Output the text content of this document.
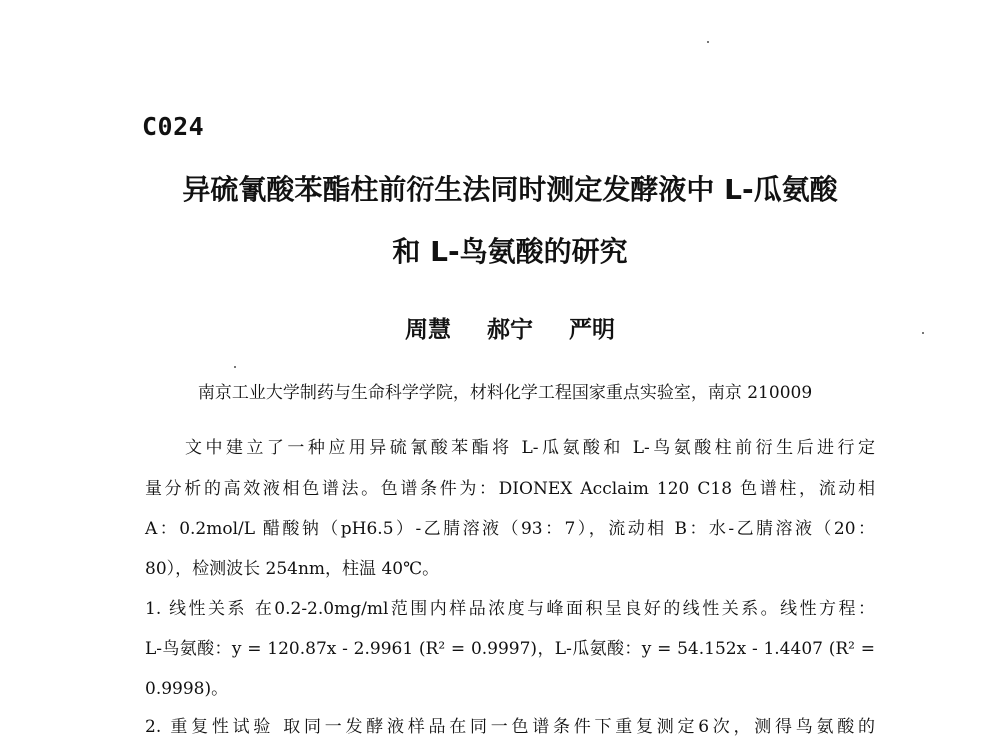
C024
异硫氰酸苯酯柱前衍生法同时测定发酵液中 L-瓜氨酸
和 L-鸟氨酸的研究
周慧 郝宁 严明
南京工业大学制药与生命科学学院，材料化学工程国家重点实验室，南京 210009
文中建立了一种应用异硫氰酸苯酯将 L-瓜氨酸和 L-鸟氨酸柱前衍生后进行定
量分析的高效液相色谱法。色谱条件为：DIONEX Acclaim 120 C18 色谱柱，流动相
A：0.2mol/L 醋酸钠（pH6.5）-乙腈溶液（93：7），流动相 B：水-乙腈溶液（20：
80），检测波长 254nm，柱温 40℃。
1. 线性关系 在0.2-2.0mg/ml范围内样品浓度与峰面积呈良好的线性关系。线性方程：
L-鸟氨酸：y = 120.87x - 2.9961 (R² = 0.9997)，L-瓜氨酸：y = 54.152x - 1.4407 (R² =
0.9998)。
2. 重复性试验 取同一发酵液样品在同一色谱条件下重复测定6次，测得鸟氨酸的
